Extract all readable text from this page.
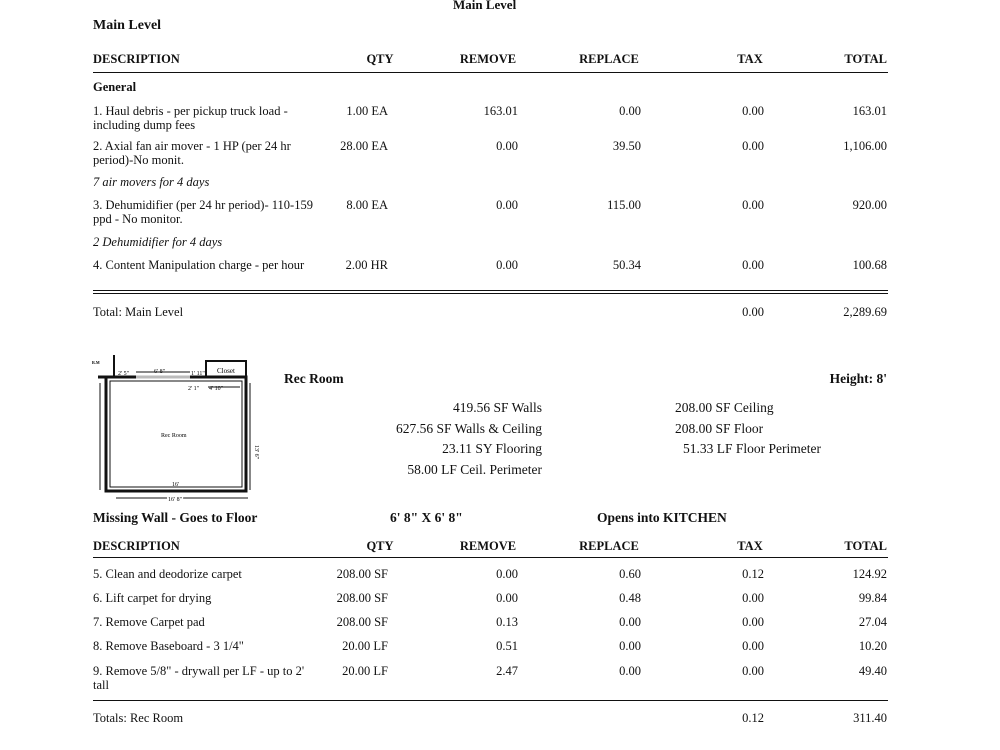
Main Level
Main Level
DESCRIPTION	QTY	REMOVE	REPLACE	TAX	TOTAL
General
1. Haul debris - per pickup truck load - including dump fees
1.00 EA	163.01	0.00	0.00	163.01
2. Axial fan air mover - 1 HP (per 24 hr period)-No monit.
28.00 EA	0.00	39.50	0.00	1,106.00
7 air movers for 4 days
3. Dehumidifier (per 24 hr period)- 110-159 ppd - No monitor.
8.00 EA	0.00	115.00	0.00	920.00
2 Dehumidifier for 4 days
4. Content Manipulation charge - per hour	2.00 HR	0.00	50.34	0.00	100.68
Total: Main Level	0.00	2,289.69
R.M
2' 5"	6' 8"	1' 11" Closet
2' 1" 4' 10"
Rec Room
16'
16' 8"
13' 6"
Rec Room	Height: 8'
419.56 SF Walls
627.56 SF Walls & Ceiling
23.11 SY Flooring
58.00 LF Ceil. Perimeter
208.00 SF Ceiling
208.00 SF Floor
51.33 LF Floor Perimeter
Missing Wall - Goes to Floor	6' 8" X 6' 8"	Opens into KITCHEN
DESCRIPTION	QTY	REMOVE	REPLACE	TAX	TOTAL
5. Clean and deodorize carpet	208.00 SF	0.00	0.60	0.12	124.92
6. Lift carpet for drying	208.00 SF	0.00	0.48	0.00	99.84
7. Remove Carpet pad	208.00 SF	0.13	0.00	0.00	27.04
8. Remove Baseboard - 3 1/4"	20.00 LF	0.51	0.00	0.00	10.20
9. Remove 5/8" - drywall per LF - up to 2' tall
20.00 LF	2.47	0.00	0.00	49.40
Totals: Rec Room	0.12	311.40
